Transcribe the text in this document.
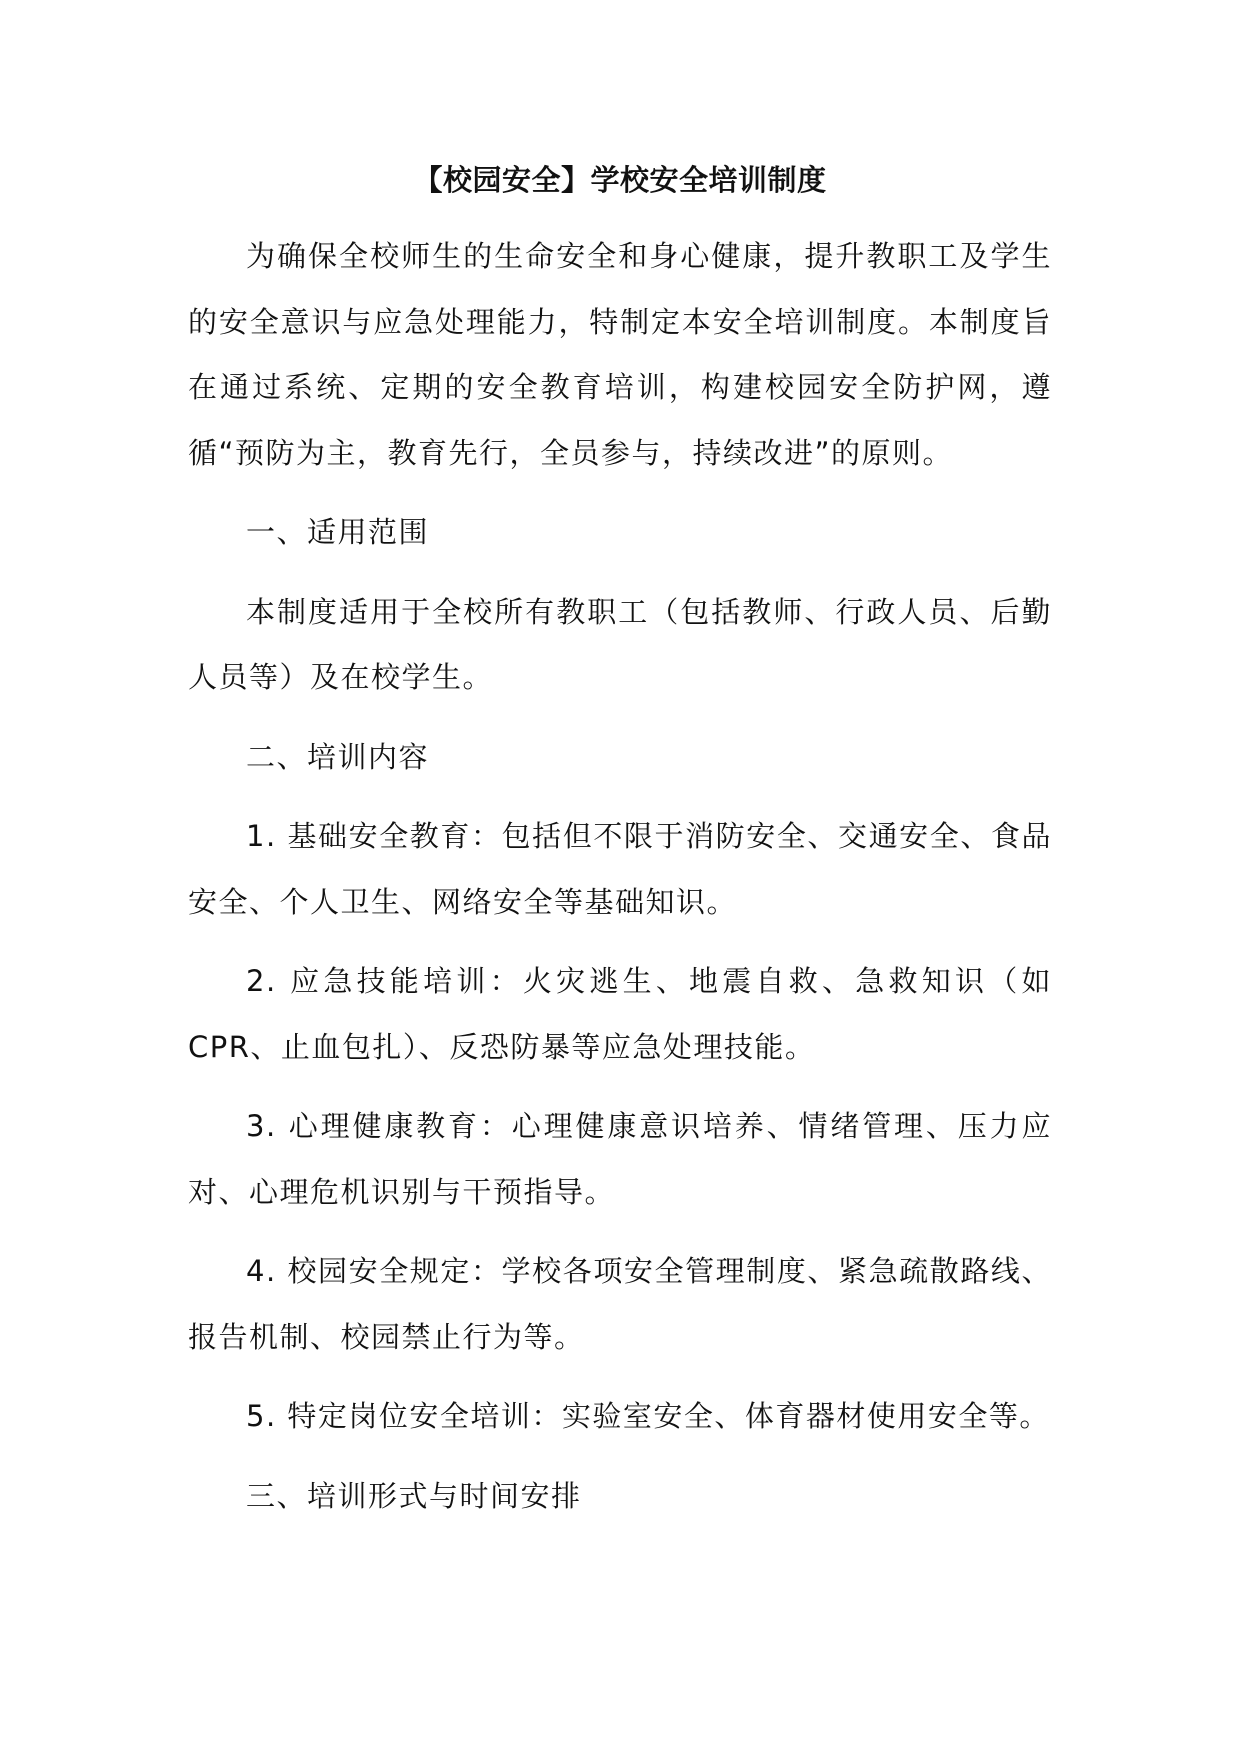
【校园安全】学校安全培训制度

为确保全校师生的生命安全和身心健康，提升教职工及学生的安全意识与应急处理能力，特制定本安全培训制度。本制度旨在通过系统、定期的安全教育培训，构建校园安全防护网，遵循“预防为主，教育先行，全员参与，持续改进”的原则。

一、适用范围

本制度适用于全校所有教职工（包括教师、行政人员、后勤人员等）及在校学生。

二、培训内容

1. 基础安全教育：包括但不限于消防安全、交通安全、食品安全、个人卫生、网络安全等基础知识。

2. 应急技能培训：火灾逃生、地震自救、急救知识（如 CPR、止血包扎）、反恐防暴等应急处理技能。

3. 心理健康教育：心理健康意识培养、情绪管理、压力应对、心理危机识别与干预指导。

4. 校园安全规定：学校各项安全管理制度、紧急疏散路线、报告机制、校园禁止行为等。

5. 特定岗位安全培训：实验室安全、体育器材使用安全等。

三、培训形式与时间安排
